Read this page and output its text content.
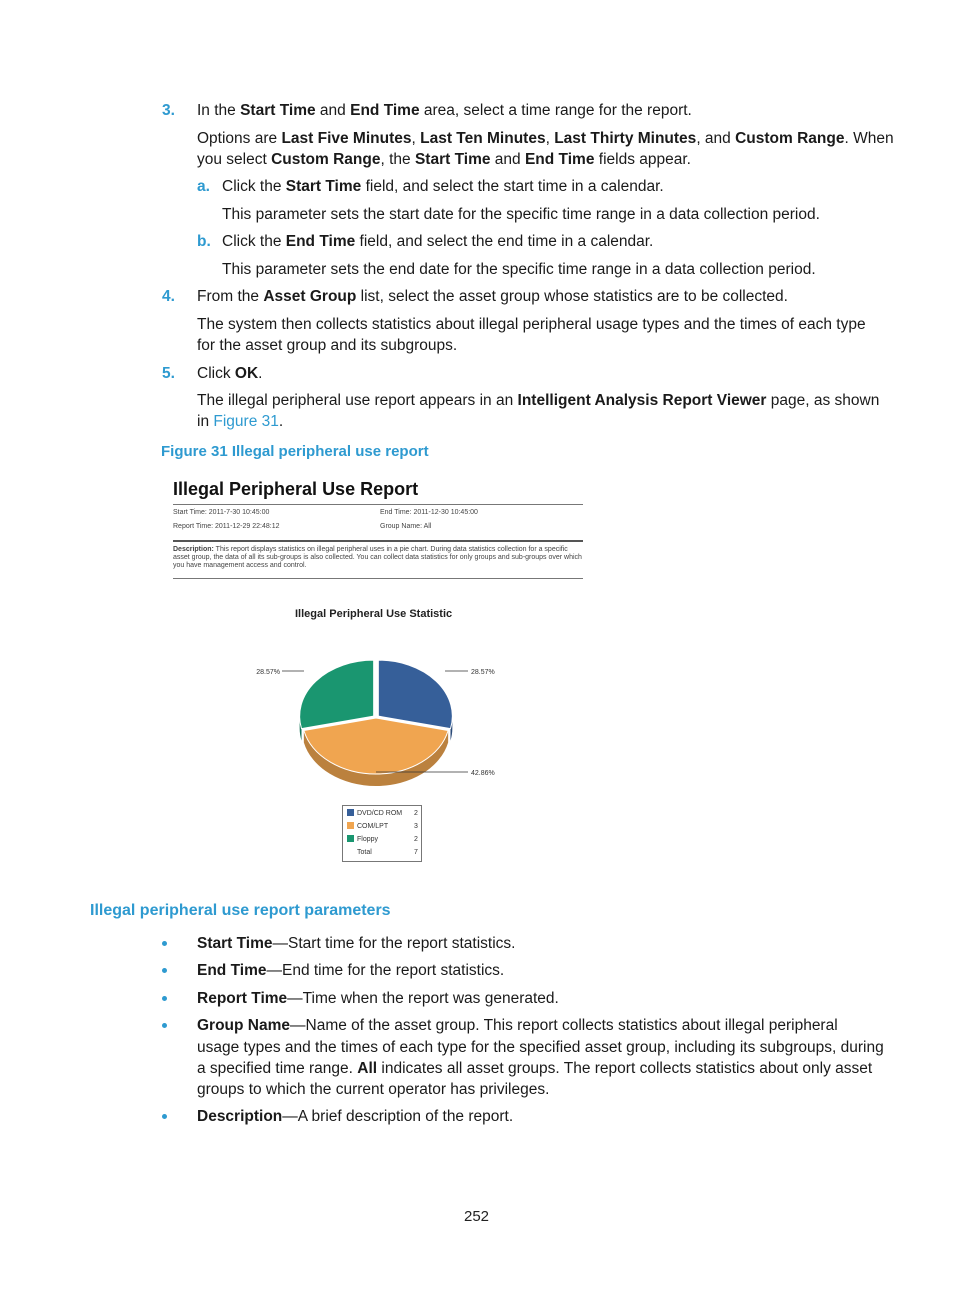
3. In the Start Time and End Time area, select a time range for the report.
Options are Last Five Minutes, Last Ten Minutes, Last Thirty Minutes, and Custom Range. When
you select Custom Range, the Start Time and End Time fields appear.
a. Click the Start Time field, and select the start time in a calendar.
This parameter sets the start date for the specific time range in a data collection period.
b. Click the End Time field, and select the end time in a calendar.
This parameter sets the end date for the specific time range in a data collection period.
4. From the Asset Group list, select the asset group whose statistics are to be collected.
The system then collects statistics about illegal peripheral usage types and the times of each type
for the asset group and its subgroups.
5. Click OK.
The illegal peripheral use report appears in an Intelligent Analysis Report Viewer page, as shown
in Figure 31.
Figure 31 Illegal peripheral use report
Illegal Peripheral Use Report
Start Time: 2011-7-30 10:45:00	End Time: 2011-12-30 10:45:00
Report Time: 2011-12-29 22:48:12	Group Name: All
Description: This report displays statistics on illegal peripheral uses in a pie chart. During data statistics collection for a specific asset group, the data of all its sub-groups is also collected. You can collect data statistics for only groups and sub-groups over which you have management access and control.
Illegal Peripheral Use Statistic
28.57%
42.86%
28.57%
DVD/CD ROM 2
COM/LPT	3
Floppy	2
Total	7
Illegal peripheral use report parameters
Start Time—Start time for the report statistics.
End Time—End time for the report statistics.
Report Time—Time when the report was generated.
Group Name—Name of the asset group. This report collects statistics about illegal peripheral
usage types and the times of each type for the specified asset group, including its subgroups, during
a specified time range. All indicates all asset groups. The report collects statistics about only asset
groups to which the current operator has privileges.
Description—A brief description of the report.
252
